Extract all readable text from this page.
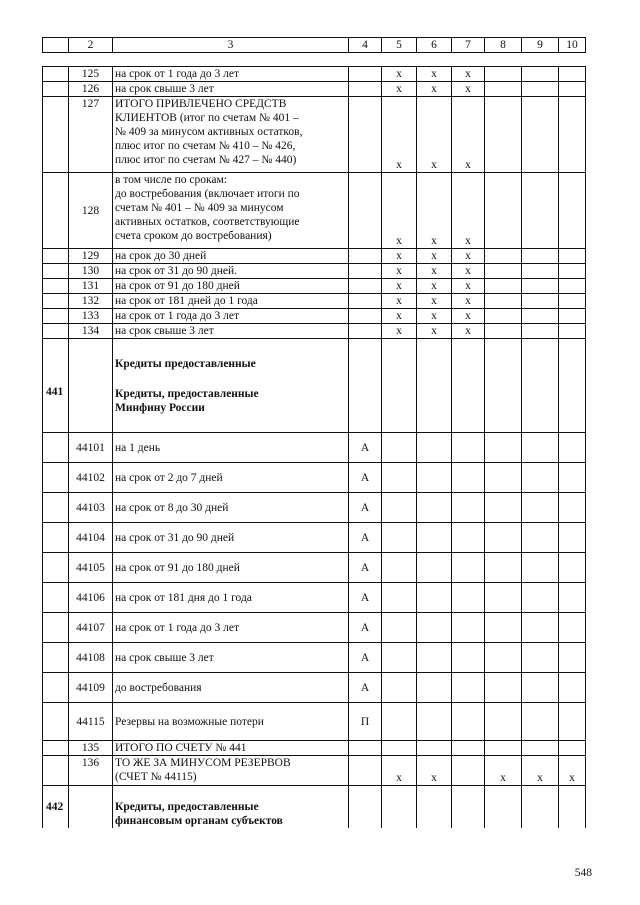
	2	3	4	5	6	7	8	9	10
	125	на срок от 1 года до 3 лет		х	х	х			
	126	на срок свыше 3 лет		х	х	х			
	127	ИТОГО ПРИВЛЕЧЕНО СРЕДСТВ
КЛИЕНТОВ (итог по счетам № 401 –
№ 409 за минусом активных остатков,
плюс итог по счетам № 410 – № 426,
плюс итог по счетам № 427 – № 440)		х	х	х			
	128	в том числе по срокам:
до востребования (включает итоги по
счетам № 401 – № 409 за минусом
активных остатков, соответствующие
счета сроком до востребования)		х	х	х			
	129	на срок до 30 дней		х	х	х			
	130	на срок от 31 до 90 дней.		х	х	х			
	131	на срок от 91 до 180 дней		х	х	х			
	132	на срок от 181 дней до 1 года		х	х	х			
	133	на срок от 1 года до 3 лет		х	х	х			
	134	на срок свыше 3 лет		х	х	х			
441		Кредиты предоставленные
Кредиты, предоставленные
Минфину России							

	44101	на 1 день	А						
	44102	на срок от 2 до 7 дней	А						
	44103	на срок от 8 до 30 дней	А						
	44104	на срок от 31 до 90 дней	А						
	44105	на срок от 91 до 180 дней	А						
	44106	на срок от 181 дня до 1 года	А						
	44107	на срок от 1 года до 3 лет	А						
	44108	на срок свыше 3 лет	А						
	44109	до востребования	А						
	44115	Резервы на возможные потери	П						
	135	ИТОГО ПО СЧЕТУ № 441							
	136	ТО ЖЕ ЗА МИНУСОМ РЕЗЕРВОВ
(СЧЕТ № 44115)		х	х		х	х	х
442		Кредиты, предоставленные
финансовым органам субъектов							

548
